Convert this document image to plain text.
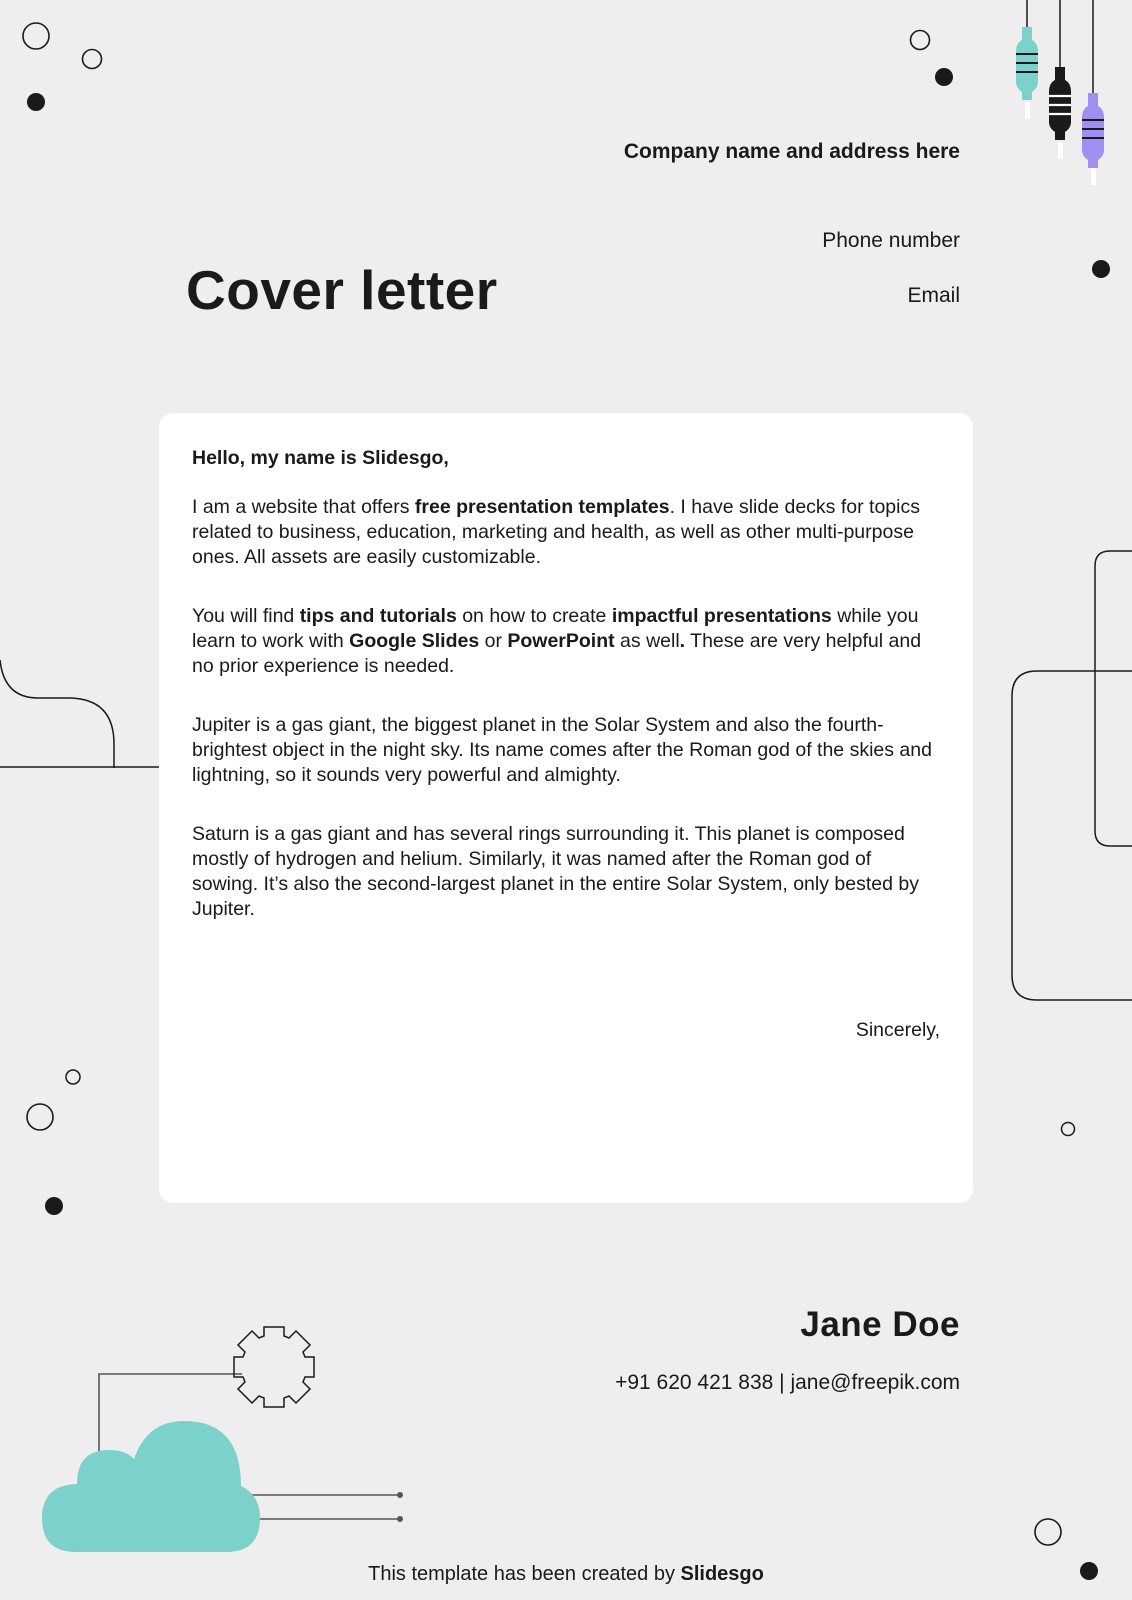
Company name and address here
Phone number
Email
Cover letter

Hello, my name is Slidesgo,

I am a website that offers free presentation templates. I have slide decks for topics related to business, education, marketing and health, as well as other multi-purpose ones. All assets are easily customizable.

You will find tips and tutorials on how to create impactful presentations while you learn to work with Google Slides or PowerPoint as well. These are very helpful and no prior experience is needed.

Jupiter is a gas giant, the biggest planet in the Solar System and also the fourth-brightest object in the night sky. Its name comes after the Roman god of the skies and lightning, so it sounds very powerful and almighty.

Saturn is a gas giant and has several rings surrounding it. This planet is composed mostly of hydrogen and helium. Similarly, it was named after the Roman god of sowing. It’s also the second-largest planet in the entire Solar System, only bested by Jupiter.

Sincerely,
Jane Doe
+91 620 421 838 | jane@freepik.com
This template has been created by Slidesgo
